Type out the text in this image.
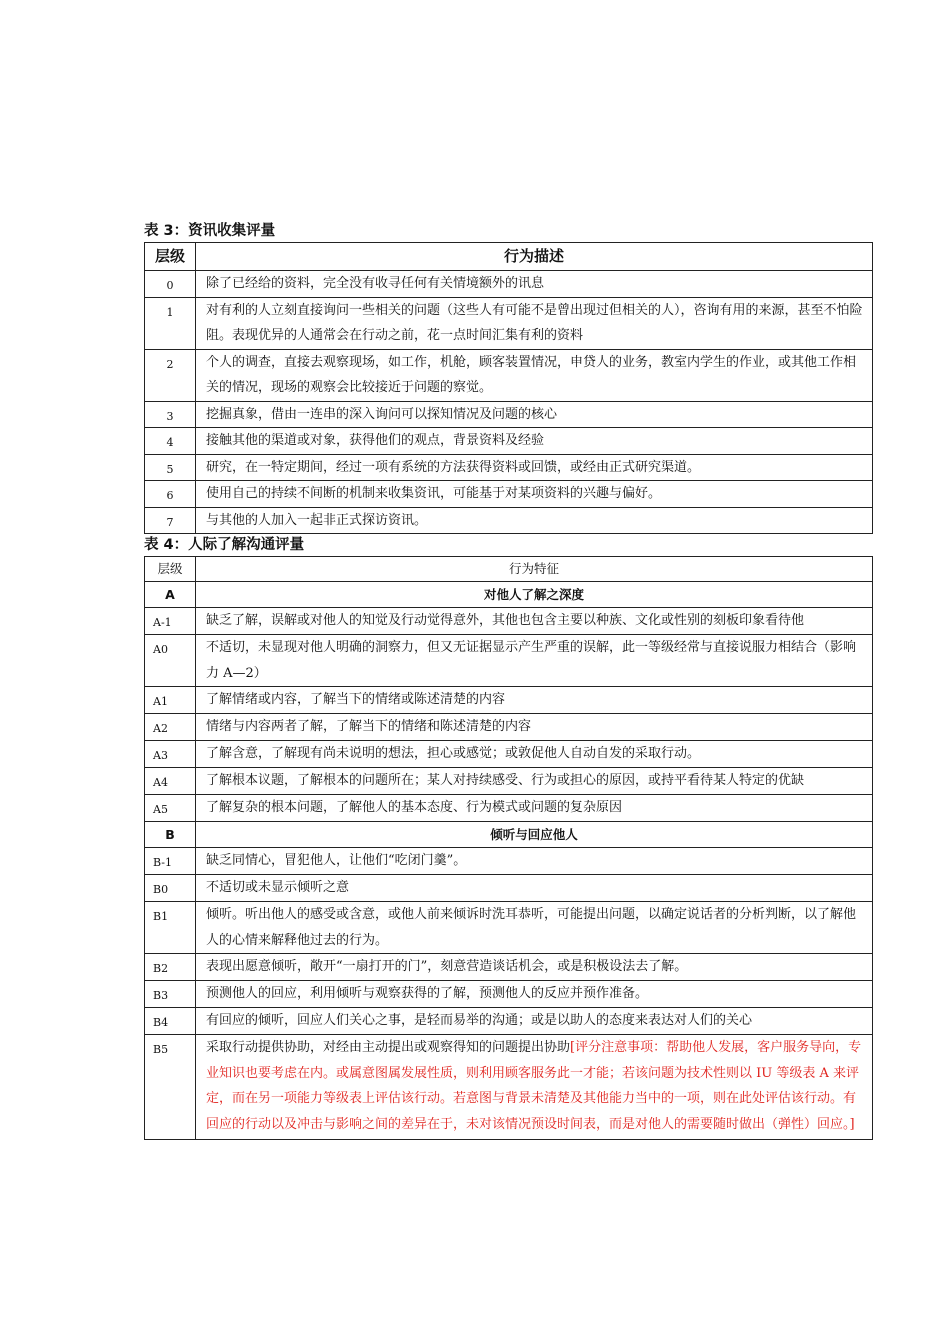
表 3：资讯收集评量

层级	行为描述
0	除了已经给的资料，完全没有收寻任何有关情境额外的讯息
1	对有利的人立刻直接询问一些相关的问题（这些人有可能不是曾出现过但相关的人），咨询有用的来源，甚至不怕险阻。表现优异的人通常会在行动之前，花一点时间汇集有利的资料
2	个人的调查，直接去观察现场，如工作，机舱，顾客装置情况，申贷人的业务，教室内学生的作业，或其他工作相关的情况，现场的观察会比较接近于问题的察觉。
3	挖掘真象，借由一连串的深入询问可以探知情况及问题的核心
4	接触其他的渠道或对象，获得他们的观点，背景资料及经验
5	研究，在一特定期间，经过一项有系统的方法获得资料或回馈，或经由正式研究渠道。
6	使用自己的持续不间断的机制来收集资讯，可能基于对某项资料的兴趣与偏好。
7	与其他的人加入一起非正式探访资讯。

表 4：人际了解沟通评量

层级	行为特征
A	对他人了解之深度
A-1	缺乏了解，误解或对他人的知觉及行动觉得意外，其他也包含主要以种族、文化或性别的刻板印象看待他
A0	不适切，未显现对他人明确的洞察力，但又无证据显示产生严重的误解，此一等级经常与直接说服力相结合（影响力 A—2）
A1	了解情绪或内容，了解当下的情绪或陈述清楚的内容
A2	情绪与内容两者了解，了解当下的情绪和陈述清楚的内容
A3	了解含意，了解现有尚未说明的想法，担心或感觉；或敦促他人自动自发的采取行动。
A4	了解根本议题，了解根本的问题所在；某人对持续感受、行为或担心的原因，或持平看待某人特定的优缺
A5	了解复杂的根本问题，了解他人的基本态度、行为模式或问题的复杂原因
B	倾听与回应他人
B-1	缺乏同情心，冒犯他人，让他们“吃闭门羹”。
B0	不适切或未显示倾听之意
B1	倾听。听出他人的感受或含意，或他人前来倾诉时洗耳恭听，可能提出问题，以确定说话者的分析判断，以了解他人的心情来解释他过去的行为。
B2	表现出愿意倾听，敞开“一扇打开的门”，刻意营造谈话机会，或是积极设法去了解。
B3	预测他人的回应，利用倾听与观察获得的了解，预测他人的反应并预作准备。
B4	有回应的倾听，回应人们关心之事，是轻而易举的沟通；或是以助人的态度来表达对人们的关心
B5	采取行动提供协助，对经由主动提出或观察得知的问题提出协助[评分注意事项：帮助他人发展，客户服务导向，专业知识也要考虑在内。或属意图属发展性质，则利用顾客服务此一才能；若该问题为技术性则以 IU 等级表 A 来评定，而在另一项能力等级表上评估该行动。若意图与背景未清楚及其他能力当中的一项，则在此处评估该行动。有回应的行动以及冲击与影响之间的差异在于，未对该情况预设时间表，而是对他人的需要随时做出（弹性）回应。]
